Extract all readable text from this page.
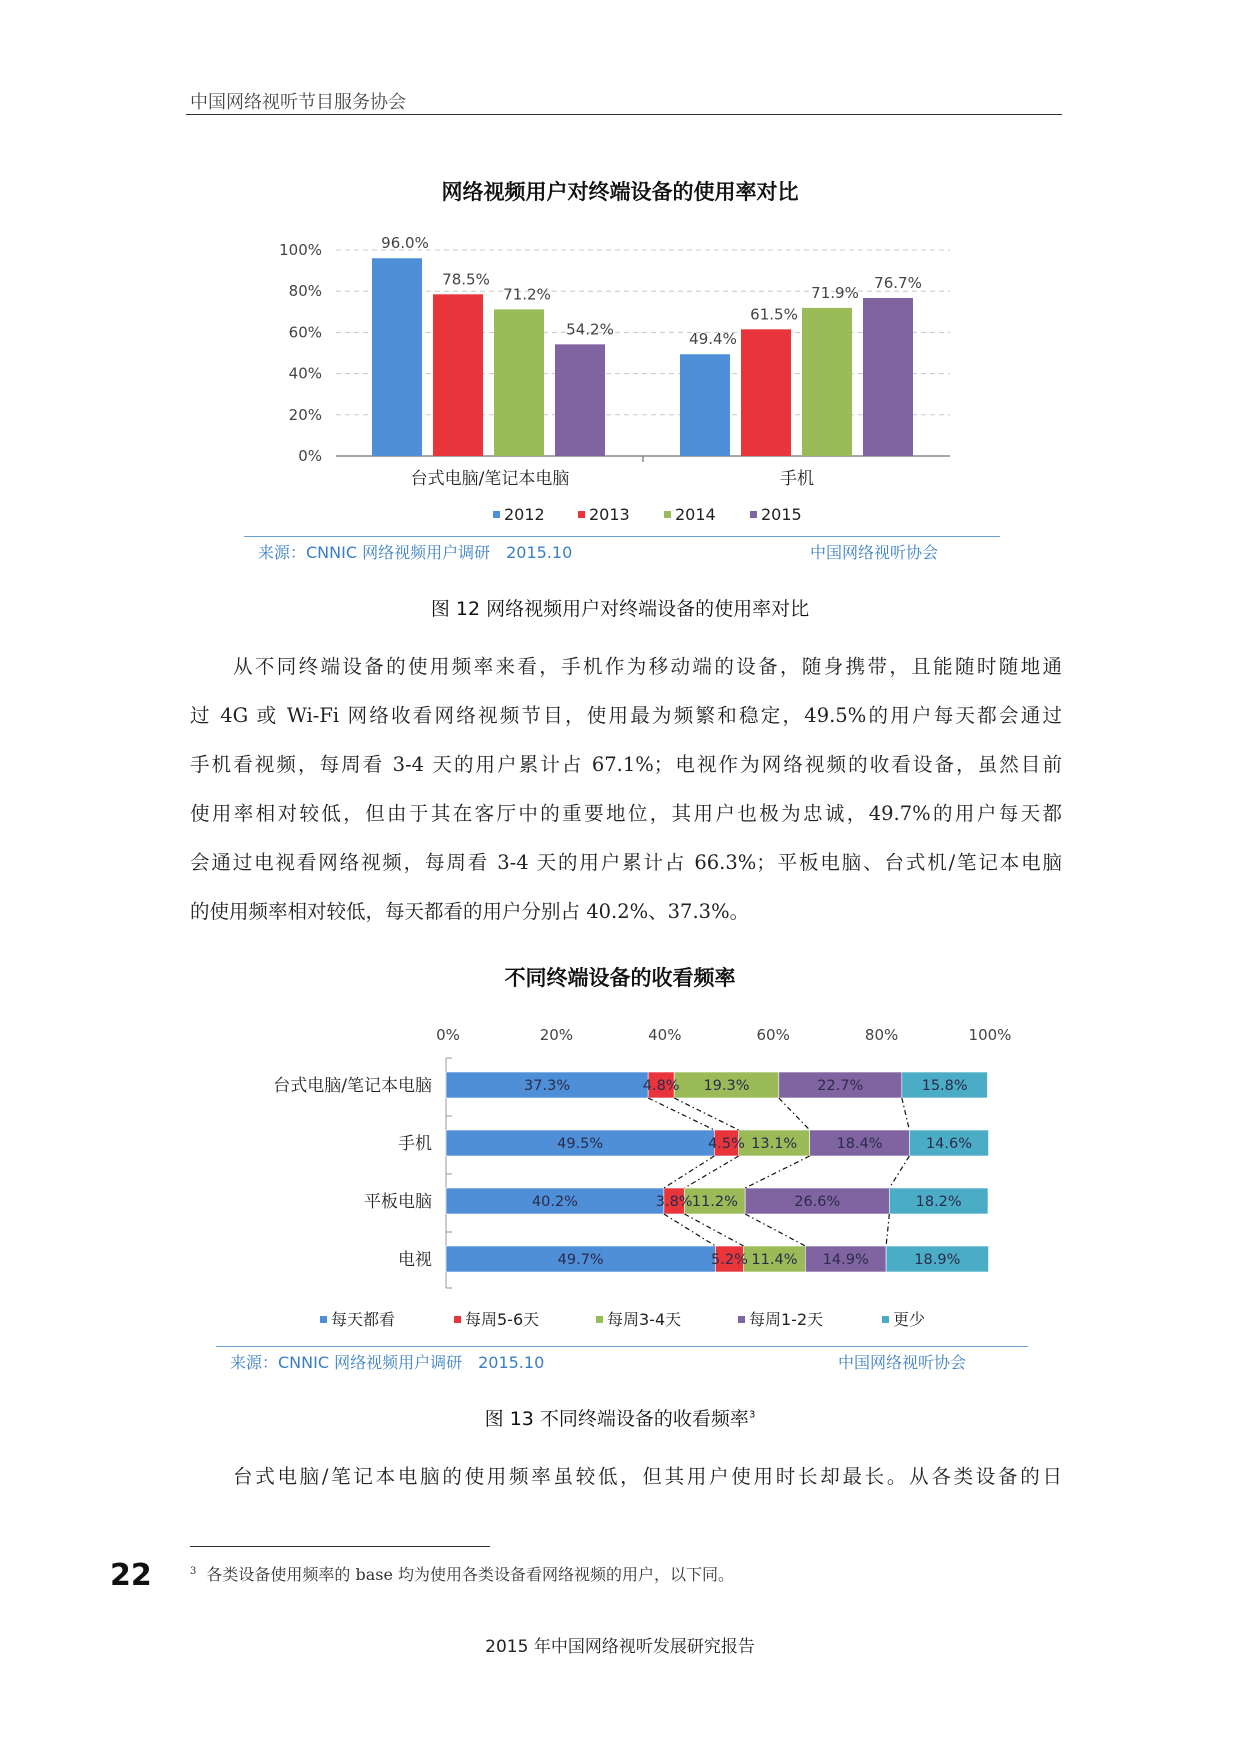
中国网络视听节目服务协会
网络视频用户对终端设备的使用率对比
0%
20%
40%
60%
80%
100%	96.0%
78.5%
71.2%
54.2%
49.4%
61.5%
71.9%
76.7%
台式电脑/笔记本电脑	手机
2012	2013	2014	2015
来源：CNNIC 网络视频用户调研　2015.10	中国网络视听协会
图 12 网络视频用户对终端设备的使用率对比

从不同终端设备的使用频率来看，手机作为移动端的设备，随身携带，且能随时随地通

过 4G 或 Wi-Fi 网络收看网络视频节目，使用最为频繁和稳定，49.5%的用户每天都会通过

手机看视频，每周看 3-4 天的用户累计占 67.1%；电视作为网络视频的收看设备，虽然目前

使用率相对较低，但由于其在客厅中的重要地位，其用户也极为忠诚，49.7%的用户每天都

会通过电视看网络视频，每周看 3-4 天的用户累计占 66.3%；平板电脑、台式机/笔记本电脑

的使用频率相对较低，每天都看的用户分别占 40.2%、37.3%。

不同终端设备的收看频率
0%	20%	40%	60%	80%	100%
37.3%	4.8% 19.3%	22.7%	15.8%
49.5%	4.5% 13.1%	18.4%	14.6%
40.2%	3.8% 11.2%	26.6%	18.2%
49.7%	5.2% 11.4% 14.9%	18.9%
台式电脑/笔记本电脑
手机
平板电脑
电视
每天都看	每周5-6天	每周3-4天	每周1-2天	更少
来源：CNNIC 网络视频用户调研　2015.10	中国网络视听协会
图 13 不同终端设备的收看频率$^3$

台式电脑/笔记本电脑的使用频率虽较低，但其用户使用时长却最长。从各类设备的日

22	$^3$ 各类设备使用频率的 base 均为使用各类设备看网络视频的用户，以下同。
2015 年中国网络视听发展研究报告
